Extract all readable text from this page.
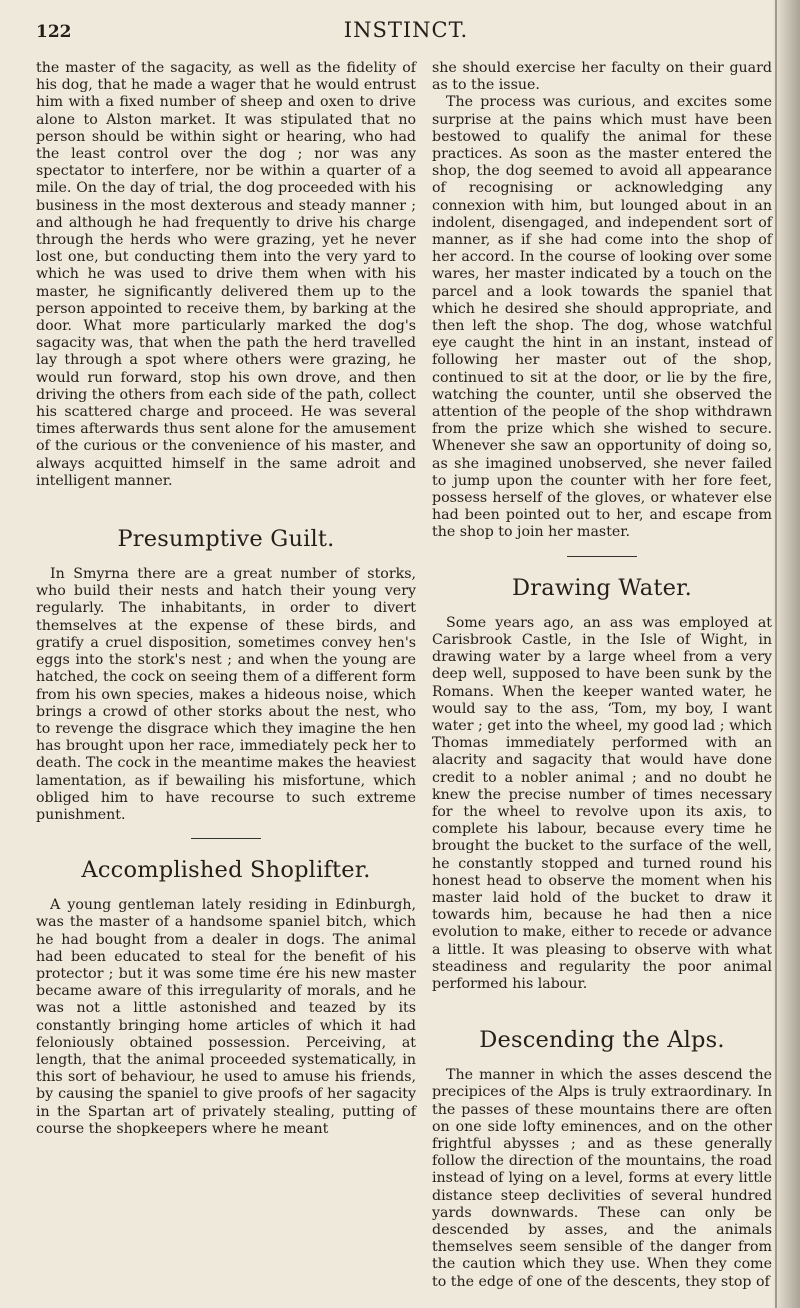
122	INSTINCT.

the master of the sagacity, as well as the fidelity of his dog, that he made a wager that he would entrust him with a fixed number of sheep and oxen to drive alone to Alston market. It was stipulated that no person should be within sight or hearing, who had the least control over the dog ; nor was any spectator to interfere, nor be within a quarter of a mile. On the day of trial, the dog proceeded with his business in the most dexterous and steady manner ; and although he had frequently to drive his charge through the herds who were grazing, yet he never lost one, but conducting them into the very yard to which he was used to drive them when with his master, he significantly delivered them up to the person appointed to receive them, by barking at the door. What more particularly marked the dog's sagacity was, that when the path the herd travelled lay through a spot where others were grazing, he would run forward, stop his own drove, and then driving the others from each side of the path, collect his scattered charge and proceed. He was several times afterwards thus sent alone for the amusement of the curious or the convenience of his master, and always acquitted himself in the same adroit and intelligent manner.

Presumptive Guilt.

In Smyrna there are a great number of storks, who build their nests and hatch their young very regularly. The inhabitants, in order to divert themselves at the expense of these birds, and gratify a cruel disposition, sometimes convey hen's eggs into the stork's nest ; and when the young are hatched, the cock on seeing them of a different form from his own species, makes a hideous noise, which brings a crowd of other storks about the nest, who to revenge the disgrace which they imagine the hen has brought upon her race, immediately peck her to death. The cock in the meantime makes the heaviest lamentation, as if bewailing his misfortune, which obliged him to have recourse to such extreme punishment.

Accomplished Shoplifter.

A young gentleman lately residing in Edinburgh, was the master of a handsome spaniel bitch, which he had bought from a dealer in dogs. The animal had been educated to steal for the benefit of his protector ; but it was some time ére his new master became aware of this irregularity of morals, and he was not a little astonished and teazed by its constantly bringing home articles of which it had feloniously obtained possession. Perceiving, at length, that the animal proceeded systematically, in this sort of behaviour, he used to amuse his friends, by causing the spaniel to give proofs of her sagacity in the Spartan art of privately stealing, putting of course the shopkeepers where he meant

she should exercise her faculty on their guard as to the issue.

The process was curious, and excites some surprise at the pains which must have been bestowed to qualify the animal for these practices. As soon as the master entered the shop, the dog seemed to avoid all appearance of recognising or acknowledging any connexion with him, but lounged about in an indolent, disengaged, and independent sort of manner, as if she had come into the shop of her accord. In the course of looking over some wares, her master indicated by a touch on the parcel and a look towards the spaniel that which he desired she should appropriate, and then left the shop. The dog, whose watchful eye caught the hint in an instant, instead of following her master out of the shop, continued to sit at the door, or lie by the fire, watching the counter, until she observed the attention of the people of the shop withdrawn from the prize which she wished to secure. Whenever she saw an opportunity of doing so, as she imagined unobserved, she never failed to jump upon the counter with her fore feet, possess herself of the gloves, or whatever else had been pointed out to her, and escape from the shop to join her master.

Drawing Water.

Some years ago, an ass was employed at Carisbrook Castle, in the Isle of Wight, in drawing water by a large wheel from a very deep well, supposed to have been sunk by the Romans. When the keeper wanted water, he would say to the ass, ‘Tom, my boy, I want water ; get into the wheel, my good lad ; which Thomas immediately performed with an alacrity and sagacity that would have done credit to a nobler animal ; and no doubt he knew the precise number of times necessary for the wheel to revolve upon its axis, to complete his labour, because every time he brought the bucket to the surface of the well, he constantly stopped and turned round his honest head to observe the moment when his master laid hold of the bucket to draw it towards him, because he had then a nice evolution to make, either to recede or advance a little. It was pleasing to observe with what steadiness and regularity the poor animal performed his labour.

Descending the Alps.

The manner in which the asses descend the precipices of the Alps is truly extraordinary. In the passes of these mountains there are often on one side lofty eminences, and on the other frightful abysses ; and as these generally follow the direction of the mountains, the road instead of lying on a level, forms at every little distance steep declivities of several hundred yards downwards. These can only be descended by asses, and the animals themselves seem sensible of the danger from the caution which they use. When they come to the edge of one of the descents, they stop of
